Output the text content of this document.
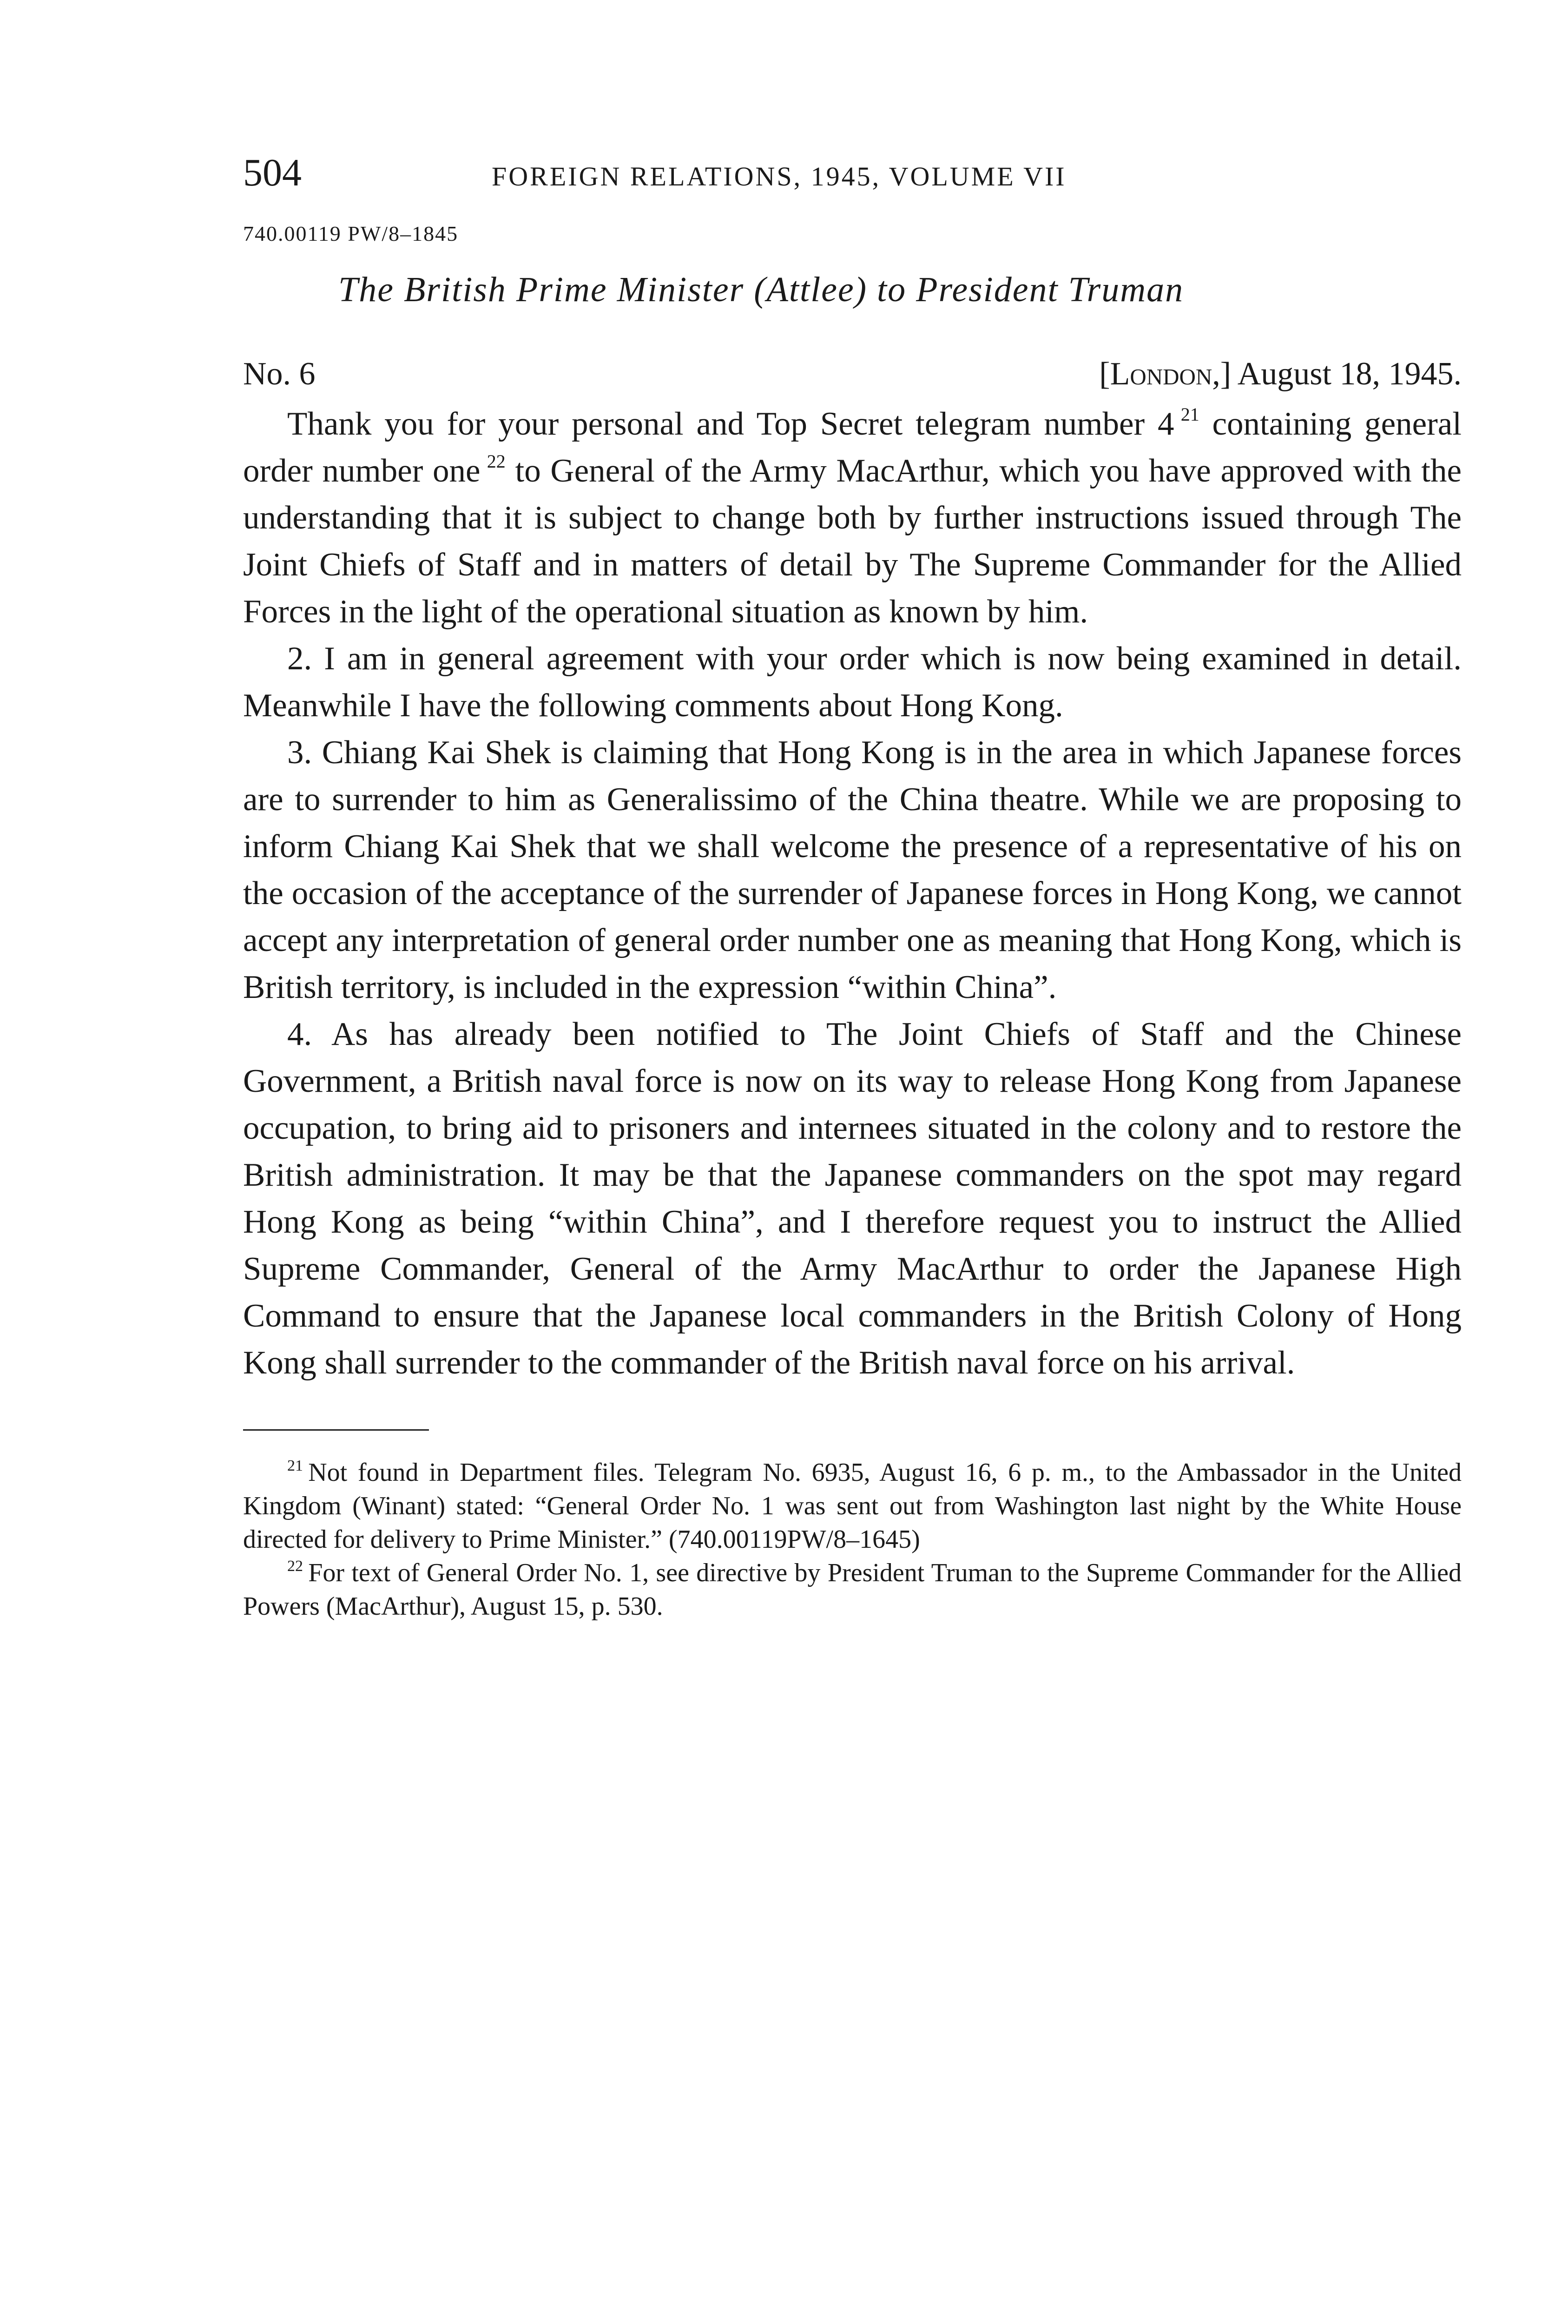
504	FOREIGN RELATIONS, 1945, VOLUME VII
740.00119 PW/8–1845
The British Prime Minister (Attlee) to President Truman
No. 6	[London,] August 18, 1945.

Thank you for your personal and Top Secret telegram number 4  $^{21}$ containing general order number one  $^{22}$ to General of the Army MacArthur, which you have approved with the understanding that it is subject to change both by further instructions issued through The Joint Chiefs of Staff and in matters of detail by The Supreme Commander for the Allied Forces in the light of the operational situation as known by him.

2. I am in general agreement with your order which is now being examined in detail. Meanwhile I have the following comments about Hong Kong.

3. Chiang Kai Shek is claiming that Hong Kong is in the area in which Japanese forces are to surrender to him as Generalissimo of the China theatre. While we are proposing to inform Chiang Kai Shek that we shall welcome the presence of a representative of his on the occasion of the acceptance of the surrender of Japanese forces in Hong Kong, we cannot accept any interpretation of general order number one as meaning that Hong Kong, which is British territory, is included in the expression “within China”.

4. As has already been notified to The Joint Chiefs of Staff and the Chinese Government, a British naval force is now on its way to release Hong Kong from Japanese occupation, to bring aid to prisoners and internees situated in the colony and to restore the British administration. It may be that the Japanese commanders on the spot may regard Hong Kong as being “within China”, and I therefore request you to instruct the Allied Supreme Commander, General of the Army MacArthur to order the Japanese High Command to ensure that the Japanese local commanders in the British Colony of Hong Kong shall surrender to the commander of the British naval force on his arrival.

$^{21}$  Not found in Department files. Telegram No. 6935, August 16, 6 p. m., to the Ambassador in the United Kingdom (Winant) stated: “General Order No. 1 was sent out from Washington last night by the White House directed for delivery to Prime Minister.” (740.00119PW/8–1645)

$^{22}$  For text of General Order No. 1, see directive by President Truman to the Supreme Commander for the Allied Powers (MacArthur), August 15, p. 530.
